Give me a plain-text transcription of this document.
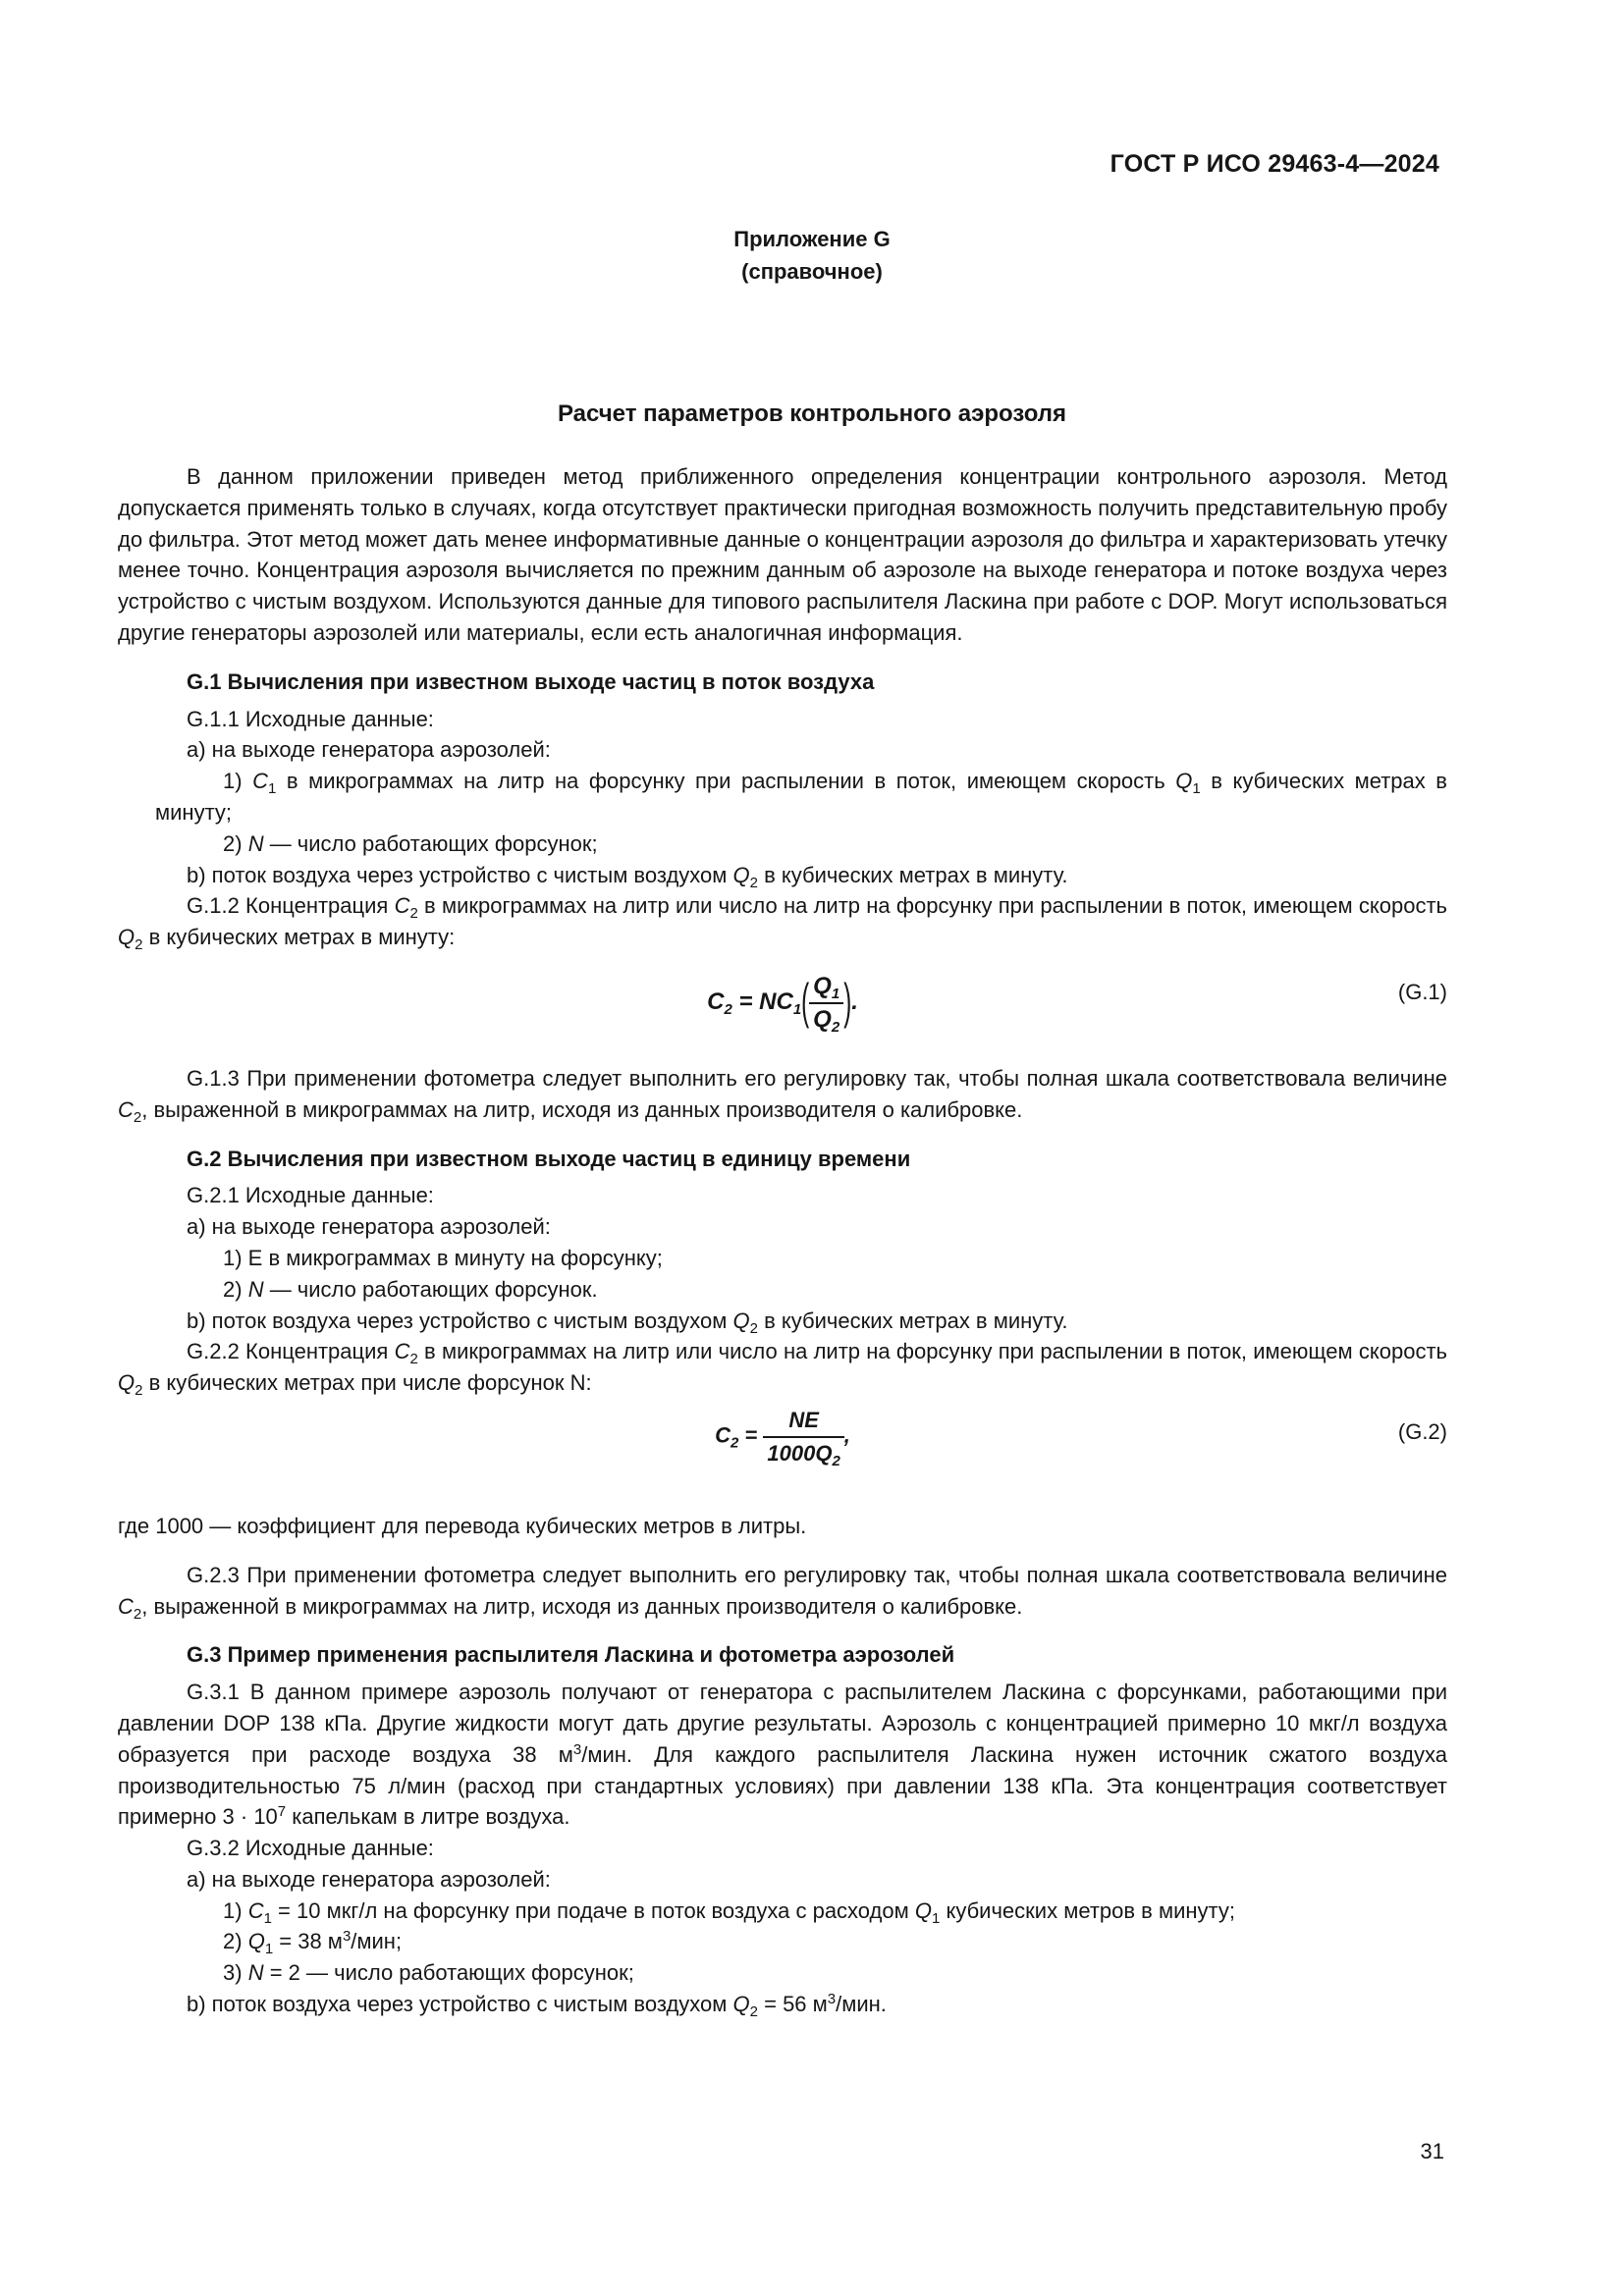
ГОСТ Р ИСО 29463-4—2024
Приложение G
(справочное)
Расчет параметров контрольного аэрозоля

В данном приложении приведен метод приближенного определения концентрации контрольного аэрозоля. Метод допускается применять только в случаях, когда отсутствует практически пригодная возможность получить представительную пробу до фильтра. Этот метод может дать менее информативные данные о концентрации аэрозоля до фильтра и характеризовать утечку менее точно. Концентрация аэрозоля вычисляется по прежним данным об аэрозоле на выходе генератора и потоке воздуха через устройство с чистым воздухом. Используются данные для типового распылителя Ласкина при работе с DOP. Могут использоваться другие генераторы аэрозолей или материалы, если есть аналогичная информация.

G.1 Вычисления при известном выходе частиц в поток воздуха

G.1.1 Исходные данные:

а) на выходе генератора аэрозолей:

1) $C_1$ в микрограммах на литр на форсунку при распылении в поток, имеющем скорость $Q_1$ в кубических метрах в минуту;

2) N — число работающих форсунок;

b) поток воздуха через устройство с чистым воздухом $Q_2$ в кубических метрах в минуту.

G.1.2 Концентрация $C_2$ в микрограммах на литр или число на литр на форсунку при распылении в поток, имеющем скорость $Q_2$ в кубических метрах в минуту:

$C_2 = NC_1( \frac{Q_1}{Q_2}$ ).	(G.1)

G.1.3 При применении фотометра следует выполнить его регулировку так, чтобы полная шкала соответствовала величине $C_2$, выраженной в микрограммах на литр, исходя из данных производителя о калибровке.

G.2 Вычисления при известном выходе частиц в единицу времени

G.2.1 Исходные данные:

а) на выходе генератора аэрозолей:

1) Е в микрограммах в минуту на форсунку;

2) N — число работающих форсунок.

b) поток воздуха через устройство с чистым воздухом $Q_2$ в кубических метрах в минуту.

G.2.2 Концентрация $C_2$ в микрограммах на литр или число на литр на форсунку при распылении в поток, имеющем скорость $Q_2$ в кубических метрах при числе форсунок N:

$C_2 = \frac{NE}{1000Q_2}$ ,	(G.2)

где 1000 — коэффициент для перевода кубических метров в литры.

G.2.3 При применении фотометра следует выполнить его регулировку так, чтобы полная шкала соответствовала величине $C_2$, выраженной в микрограммах на литр, исходя из данных производителя о калибровке.

G.3 Пример применения распылителя Ласкина и фотометра аэрозолей

G.3.1 В данном примере аэрозоль получают от генератора с распылителем Ласкина с форсунками, работающими при давлении DOP 138 кПа. Другие жидкости могут дать другие результаты. Аэрозоль с концентрацией примерно 10 мкг/л воздуха образуется при расходе воздуха 38 $м^3$/мин. Для каждого распылителя Ласкина нужен источник сжатого воздуха производительностью 75 л/мин (расход при стандартных условиях) при давлении 138 кПа. Эта концентрация соответствует примерно $3 \cdot 10^7$ капелькам в литре воздуха.

G.3.2 Исходные данные:

а) на выходе генератора аэрозолей:

1) $C_1 = 10$ мкг/л на форсунку при подаче в поток воздуха с расходом $Q_1$ кубических метров в минуту;

2) $Q_1 = 38$ $м^3$/мин;

3) N = 2 — число работающих форсунок;

b) поток воздуха через устройство с чистым воздухом $Q_2 = 56$ $м^3$/мин.

31
